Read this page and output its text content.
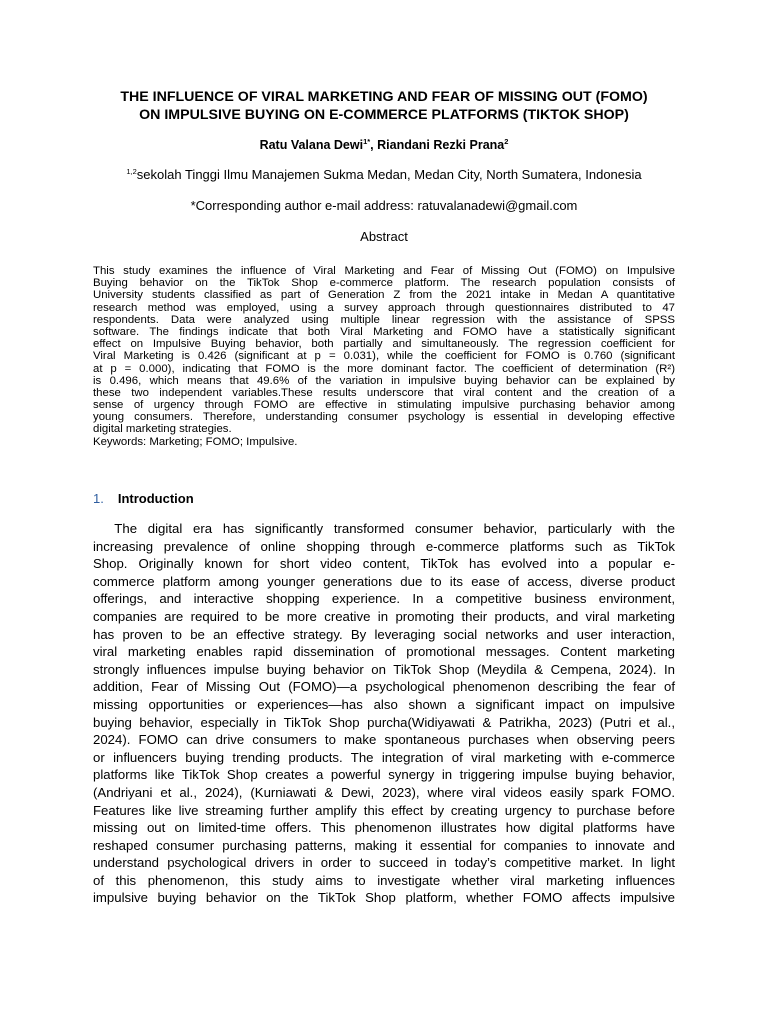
THE INFLUENCE OF VIRAL MARKETING AND FEAR OF MISSING OUT (FOMO)
ON IMPULSIVE BUYING ON E-COMMERCE PLATFORMS (TIKTOK SHOP)
Ratu Valana Dewi$^{1*}$, Riandani Rezki Prana$^2$
$^{1,2}$sekolah Tinggi Ilmu Manajemen Sukma Medan, Medan City, North Sumatera, Indonesia
*Corresponding author e-mail address: ratuvalanadewi@gmail.com
Abstract
This study examines the influence of Viral Marketing and Fear of Missing Out (FOMO) on Impulsive
Buying behavior on the TikTok Shop e-commerce platform. The research population consists of
University students classified as part of Generation Z from the 2021 intake in Medan A quantitative
research method was employed, using a survey approach through questionnaires distributed to 47
respondents. Data were analyzed using multiple linear regression with the assistance of SPSS
software. The findings indicate that both Viral Marketing and FOMO have a statistically significant
effect on Impulsive Buying behavior, both partially and simultaneously. The regression coefficient for
Viral Marketing is 0.426 (significant at p = 0.031), while the coefficient for FOMO is 0.760 (significant
at p = 0.000), indicating that FOMO is the more dominant factor. The coefficient of determination (R²)
is 0.496, which means that 49.6% of the variation in impulsive buying behavior can be explained by
these two independent variables.These results underscore that viral content and the creation of a
sense of urgency through FOMO are effective in stimulating impulsive purchasing behavior among
young consumers. Therefore, understanding consumer psychology is essential in developing effective
digital marketing strategies.
Keywords: Marketing; FOMO; Impulsive.
1. Introduction
The digital era has significantly transformed consumer behavior, particularly with the
increasing prevalence of online shopping through e-commerce platforms such as TikTok
Shop. Originally known for short video content, TikTok has evolved into a popular e-
commerce platform among younger generations due to its ease of access, diverse product
offerings, and interactive shopping experience. In a competitive business environment,
companies are required to be more creative in promoting their products, and viral marketing
has proven to be an effective strategy. By leveraging social networks and user interaction,
viral marketing enables rapid dissemination of promotional messages. Content marketing
strongly influences impulse buying behavior on TikTok Shop (Meydila & Cempena, 2024). In
addition, Fear of Missing Out (FOMO)—a psychological phenomenon describing the fear of
missing opportunities or experiences—has also shown a significant impact on impulsive
buying behavior, especially in TikTok Shop purcha(Widiyawati & Patrikha, 2023) (Putri et al.,
2024). FOMO can drive consumers to make spontaneous purchases when observing peers
or influencers buying trending products. The integration of viral marketing with e-commerce
platforms like TikTok Shop creates a powerful synergy in triggering impulse buying behavior,
(Andriyani et al., 2024), (Kurniawati & Dewi, 2023), where viral videos easily spark FOMO.
Features like live streaming further amplify this effect by creating urgency to purchase before
missing out on limited-time offers. This phenomenon illustrates how digital platforms have
reshaped consumer purchasing patterns, making it essential for companies to innovate and
understand psychological drivers in order to succeed in today’s competitive market. In light
of this phenomenon, this study aims to investigate whether viral marketing influences
impulsive buying behavior on the TikTok Shop platform, whether FOMO affects impulsive
